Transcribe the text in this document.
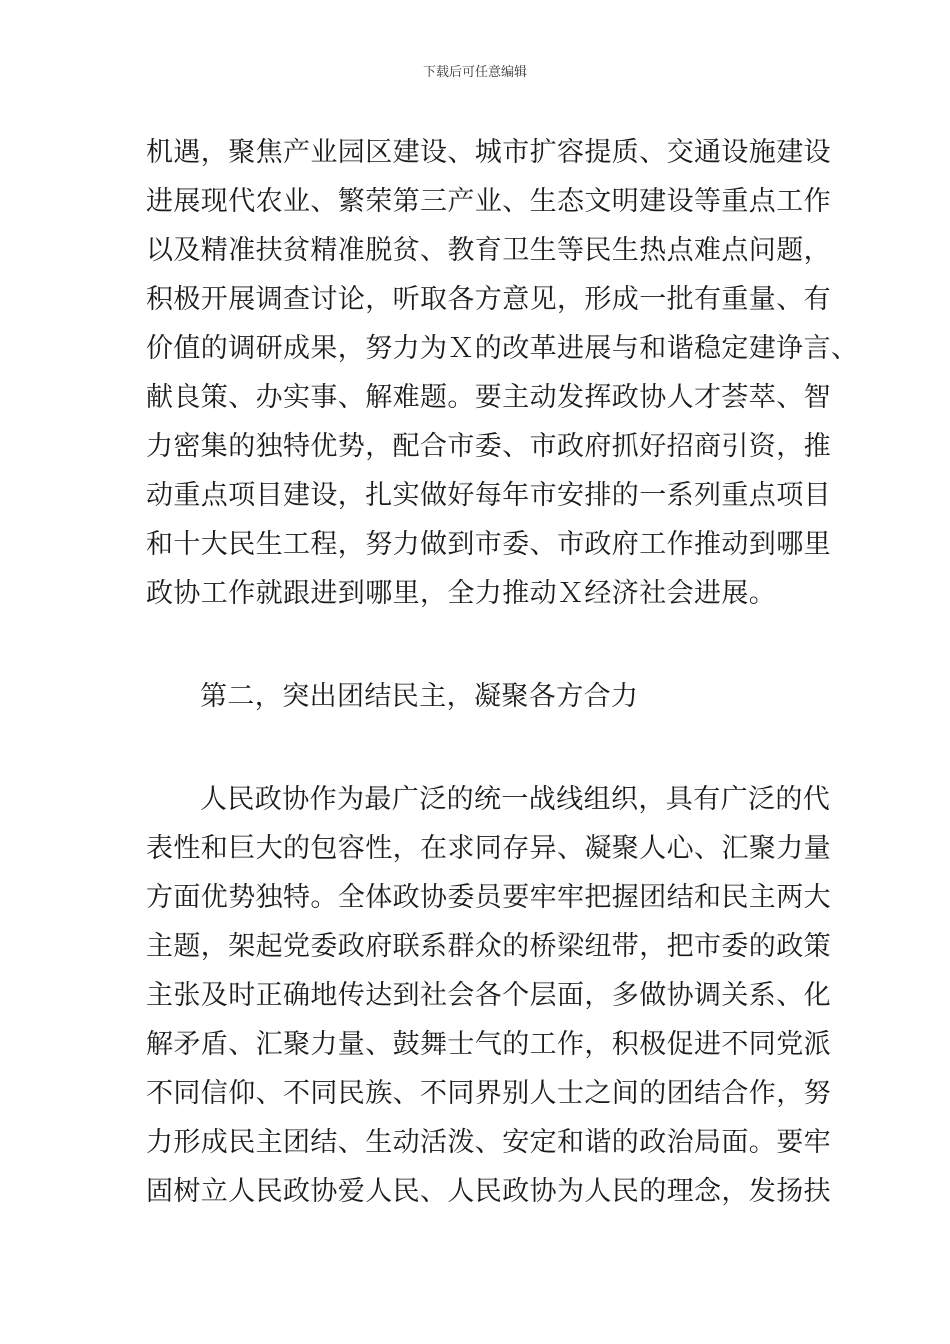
下载后可任意编辑
机遇，聚焦产业园区建设、城市扩容提质、交通设施建设
进展现代农业、繁荣第三产业、生态文明建设等重点工作
以及精准扶贫精准脱贫、教育卫生等民生热点难点问题，
积极开展调查讨论，听取各方意见，形成一批有重量、有
价值的调研成果，努力为Ｘ的改革进展与和谐稳定建诤言、
献良策、办实事、解难题。要主动发挥政协人才荟萃、智
力密集的独特优势，配合市委、市政府抓好招商引资，推
动重点项目建设，扎实做好每年市安排的一系列重点项目
和十大民生工程，努力做到市委、市政府工作推动到哪里
政协工作就跟进到哪里，全力推动Ｘ经济社会进展。
第二，突出团结民主，凝聚各方合力
人民政协作为最广泛的统一战线组织，具有广泛的代
表性和巨大的包容性，在求同存异、凝聚人心、汇聚力量
方面优势独特。全体政协委员要牢牢把握团结和民主两大
主题，架起党委政府联系群众的桥梁纽带，把市委的政策
主张及时正确地传达到社会各个层面，多做协调关系、化
解矛盾、汇聚力量、鼓舞士气的工作，积极促进不同党派
不同信仰、不同民族、不同界别人士之间的团结合作，努
力形成民主团结、生动活泼、安定和谐的政治局面。要牢
固树立人民政协爱人民、人民政协为人民的理念，发扬扶
